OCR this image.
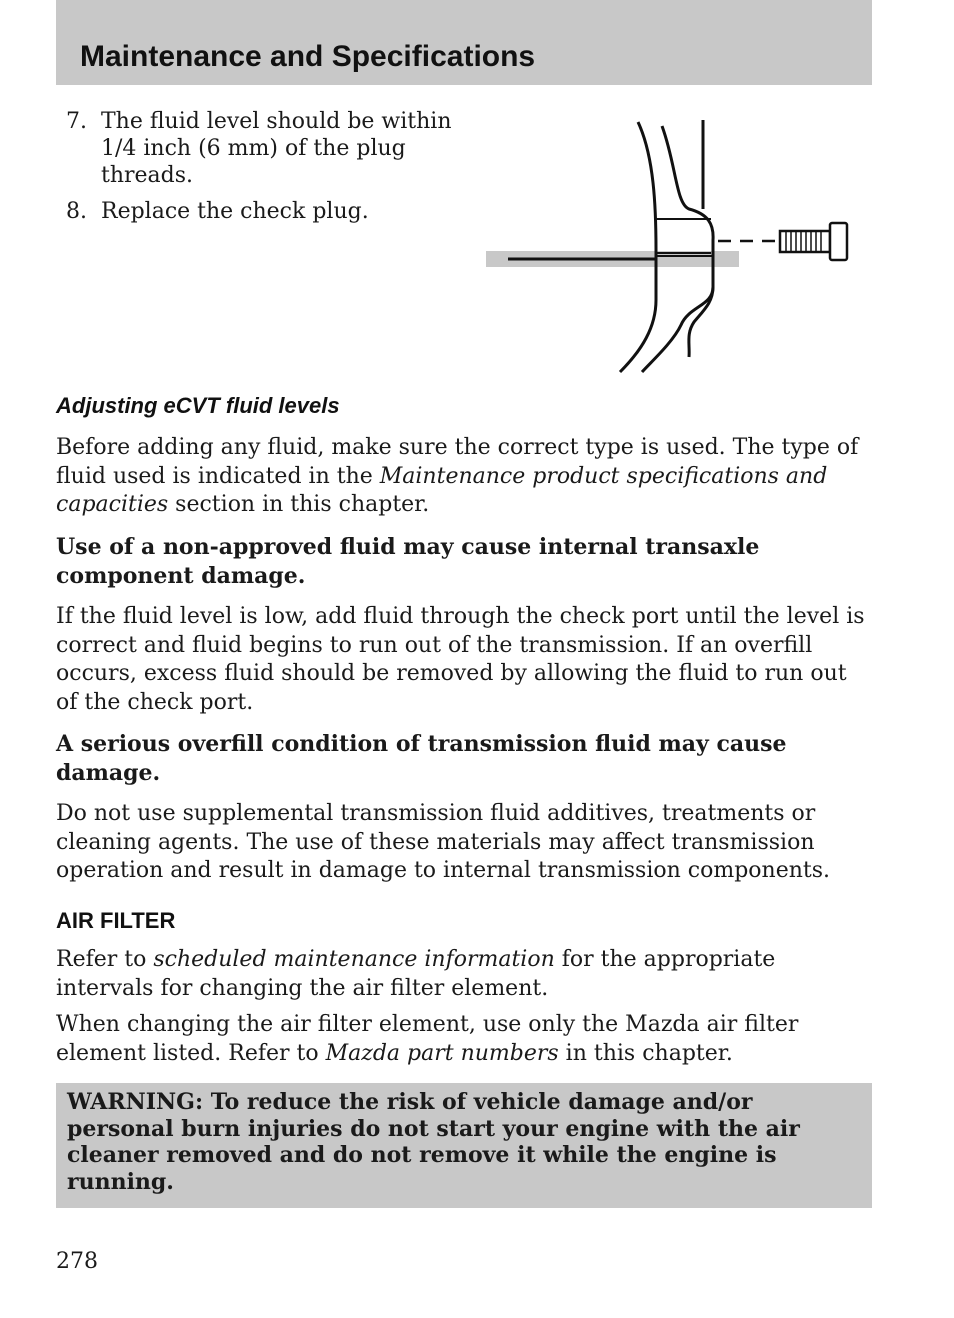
Maintenance and Specifications
7. The fluid level should be within 1/4 inch (6 mm) of the plug threads.
8. Replace the check plug.
Adjusting eCVT fluid levels

Before adding any fluid, make sure the correct type is used. The type of fluid used is indicated in the Maintenance product specifications and capacities section in this chapter.

Use of a non-approved fluid may cause internal transaxle component damage.

If the fluid level is low, add fluid through the check port until the level is correct and fluid begins to run out of the transmission. If an overfill occurs, excess fluid should be removed by allowing the fluid to run out of the check port.

A serious overfill condition of transmission fluid may cause damage.

Do not use supplemental transmission fluid additives, treatments or cleaning agents. The use of these materials may affect transmission operation and result in damage to internal transmission components.

AIR FILTER

Refer to scheduled maintenance information for the appropriate intervals for changing the air filter element.

When changing the air filter element, use only the Mazda air filter element listed. Refer to Mazda part numbers in this chapter.

WARNING: To reduce the risk of vehicle damage and/or personal burn injuries do not start your engine with the air cleaner removed and do not remove it while the engine is running.
278
